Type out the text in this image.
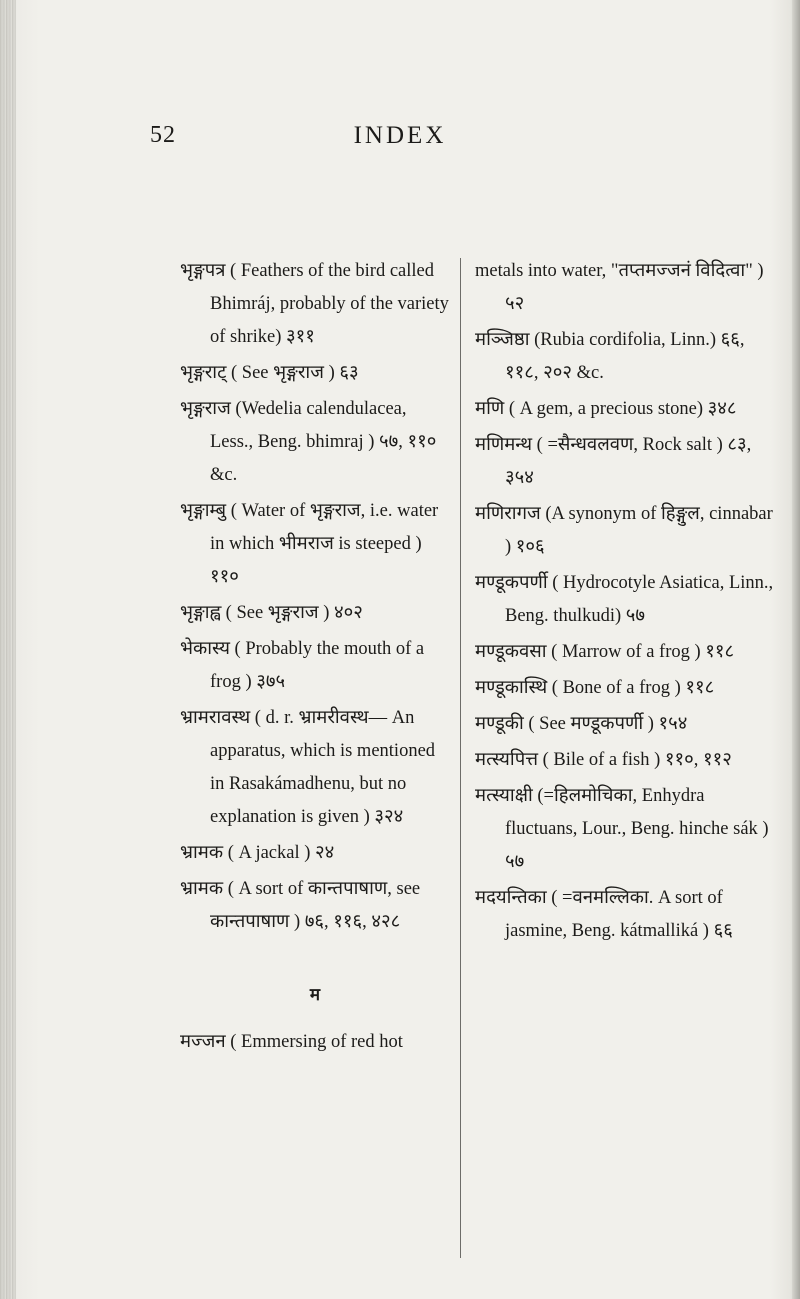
52	INDEX
भृङ्गपत्र ( Feathers of the bird called Bhimráj, probably of the variety of shrike) ३११
भृङ्गराट् ( See भृङ्गराज ) ६३
भृङ्गराज (Wedelia calendulacea, Less., Beng. bhimraj ) ५७, ११० &c.
भृङ्गाम्बु ( Water of भृङ्गराज, i.e. water in which भीमराज is steeped ) ११०
भृङ्गाह्व ( See भृङ्गराज ) ४०२
भेकास्य ( Probably the mouth of a frog ) ३७५
भ्रामरावस्थ ( d. r. भ्रामरीवस्थ— An apparatus, which is mentioned in Rasakámadhenu, but no explanation is given ) ३२४
भ्रामक ( A jackal ) २४
भ्रामक ( A sort of कान्तपाषाण, see कान्तपाषाण ) ७६, ११६, ४२८
म
मज्जन ( Emmersing of red hot
metals into water, "तप्तमज्जनं विदित्वा" ) ५२
मञ्जिष्ठा (Rubia cordifolia, Linn.) ६६, ११८, २०२ &c.
मणि ( A gem, a precious stone) ३४८
मणिमन्थ ( =सैन्धवलवण, Rock salt ) ८३, ३५४
मणिरागज (A synonym of हिङ्गुल, cinnabar ) १०६
मण्डूकपर्णी ( Hydrocotyle Asiatica, Linn., Beng. thulkudi) ५७
मण्डूकवसा ( Marrow of a frog ) ११८
मण्डूकास्थि ( Bone of a frog ) ११८
मण्डूकी ( See मण्डूकपर्णी ) १५४
मत्स्यपित्त ( Bile of a fish ) ११०, ११२
मत्स्याक्षी (=हिलमोचिका, Enhydra fluctuans, Lour., Beng. hinche sák ) ५७
मदयन्तिका ( =वनमल्लिका. A sort of jasmine, Beng. kátmalliká ) ६६
